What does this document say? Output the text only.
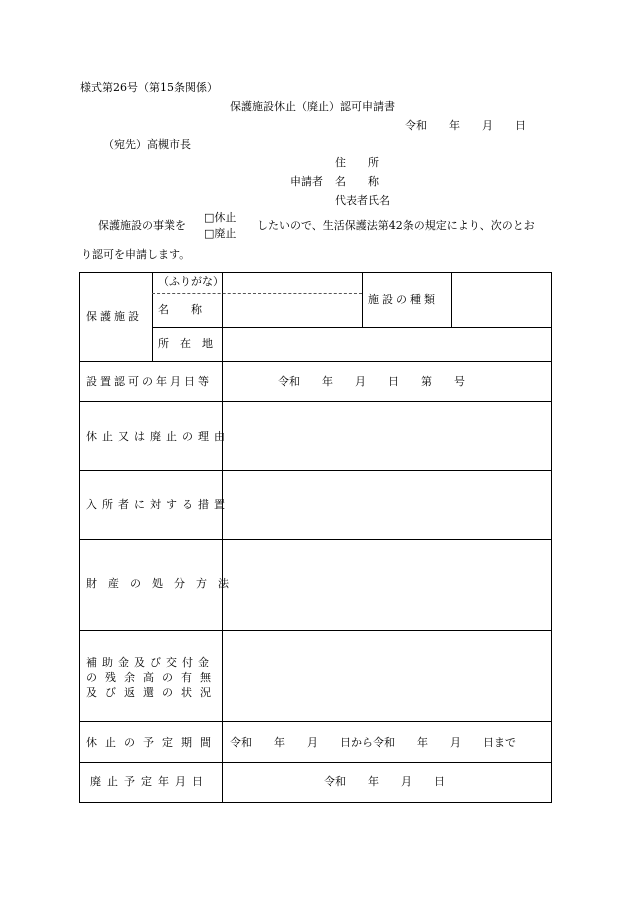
様式第26号（第15条関係）
保護施設休止（廃止）認可申請書
令和　　年　　月　　日
（宛先）高槻市長
住　　所
申請者 名　　称
代表者氏名
保護施設の事業を
□休止
□廃止
したいので、生活保護法第42条の規定により、次のとお
り認可を申請します。
保護施設
（ふりがな）
名　　称
所　在　地
施設の種類
設置認可の年月日等	令和　　年　　月　　日　　第　　号
休止又は廃止の理由
入所者に対する措置
財産の処分方法
補助金及び交付金
の残余高の有無
及び返還の状況
休止の予定期間 令和　　年　　月　　日から令和　　年　　月　　日まで
廃止予定年月日	令和　　年　　月　　日
